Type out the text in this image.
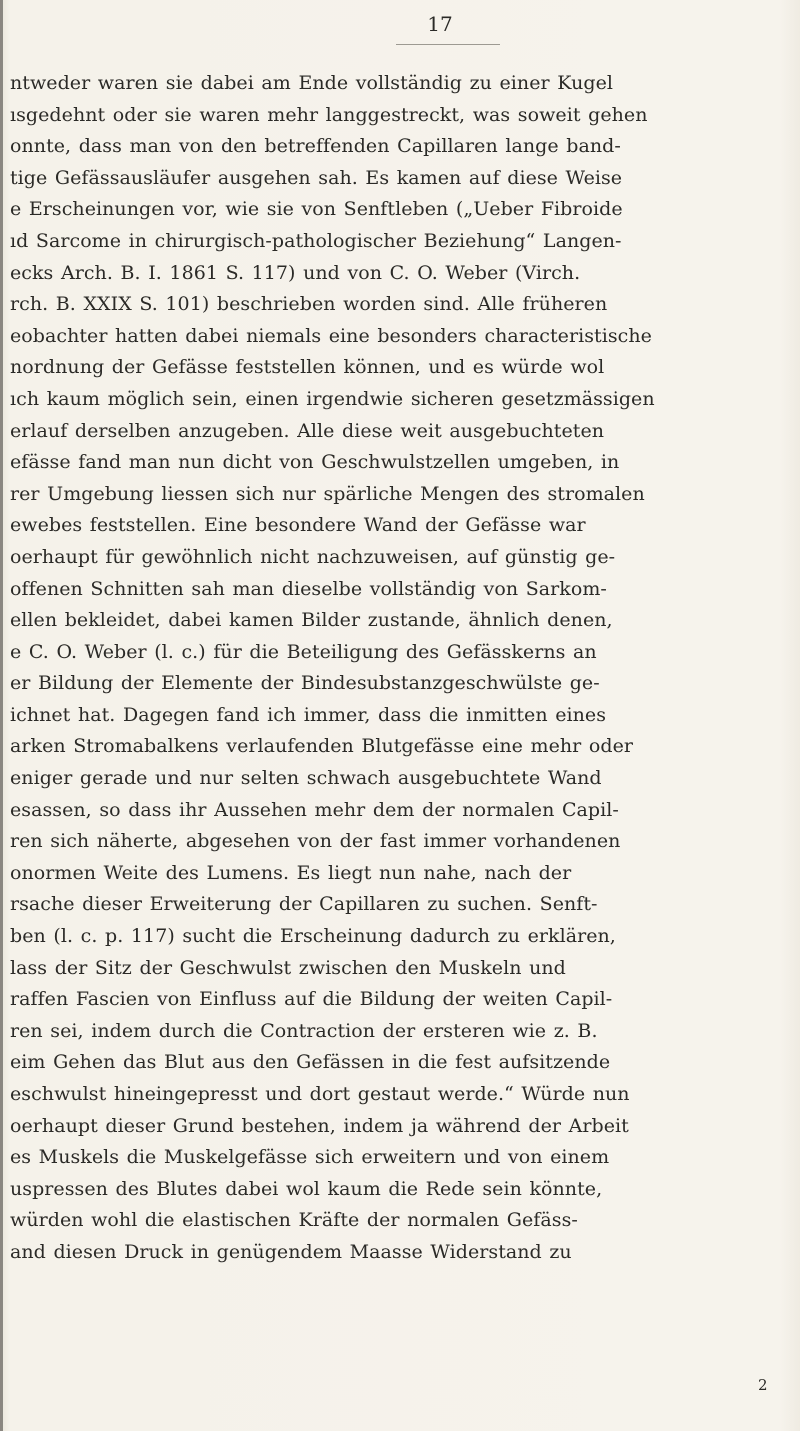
17
ntweder waren sie dabei am Ende vollständig zu einer Kugel
ısgedehnt oder sie waren mehr langgestreckt, was soweit gehen
onnte, dass man von den betreffenden Capillaren lange band-
tige Gefässausläufer ausgehen sah. Es kamen auf diese Weise
e Erscheinungen vor, wie sie von Senftleben („Ueber Fibroide
ıd Sarcome in chirurgisch-pathologischer Beziehung“ Langen-
ecks Arch. B. I. 1861 S. 117) und von C. O. Weber (Virch.
rch. B. XXIX S. 101) beschrieben worden sind. Alle früheren
eobachter hatten dabei niemals eine besonders characteristische
nordnung der Gefässe feststellen können, und es würde wol
ıch kaum möglich sein, einen irgendwie sicheren gesetzmässigen
erlauf derselben anzugeben. Alle diese weit ausgebuchteten
efässe fand man nun dicht von Geschwulstzellen umgeben, in
rer Umgebung liessen sich nur spärliche Mengen des stromalen
ewebes feststellen. Eine besondere Wand der Gefässe war
oerhaupt für gewöhnlich nicht nachzuweisen, auf günstig ge-
offenen Schnitten sah man dieselbe vollständig von Sarkom-
ellen bekleidet, dabei kamen Bilder zustande, ähnlich denen,
e C. O. Weber (l. c.) für die Beteiligung des Gefässkerns an
er Bildung der Elemente der Bindesubstanzgeschwülste ge-
ichnet hat. Dagegen fand ich immer, dass die inmitten eines
arken Stromabalkens verlaufenden Blutgefässe eine mehr oder
eniger gerade und nur selten schwach ausgebuchtete Wand
esassen, so dass ihr Aussehen mehr dem der normalen Capil-
ren sich näherte, abgesehen von der fast immer vorhandenen
onormen Weite des Lumens. Es liegt nun nahe, nach der
rsache dieser Erweiterung der Capillaren zu suchen. Senft-
ben (l. c. p. 117) sucht die Erscheinung dadurch zu erklären,
lass der Sitz der Geschwulst zwischen den Muskeln und
raffen Fascien von Einfluss auf die Bildung der weiten Capil-
ren sei, indem durch die Contraction der ersteren wie z. B.
eim Gehen das Blut aus den Gefässen in die fest aufsitzende
eschwulst hineingepresst und dort gestaut werde.“ Würde nun
oerhaupt dieser Grund bestehen, indem ja während der Arbeit
es Muskels die Muskelgefässe sich erweitern und von einem
uspressen des Blutes dabei wol kaum die Rede sein könnte,
würden wohl die elastischen Kräfte der normalen Gefäss-
and diesen Druck in genügendem Maasse Widerstand zu
2
